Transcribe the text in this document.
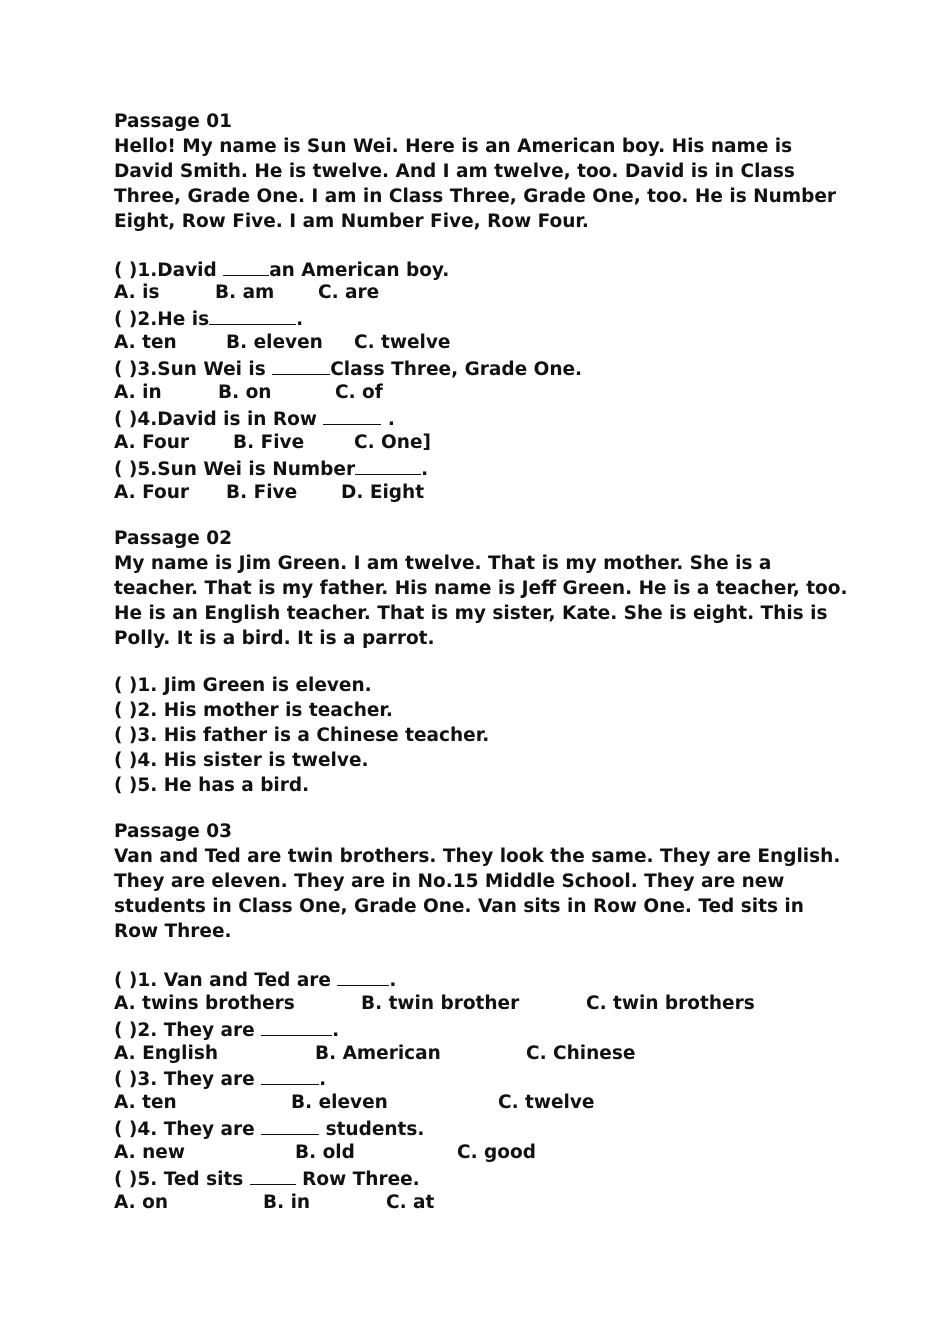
Passage 01
Hello! My name is Sun Wei. Here is an American boy. His name is David Smith. He is twelve. And I am twelve, too. David is in Class Three, Grade One. I am in Class Three, Grade One, too. He is Number Eight, Row Five. I am Number Five, Row Four.
( )1.David an American boy.
A. is	B. am C. are
( )2.He is	.
A. ten	B. eleven C. twelve
( )3.Sun Wei is	Class Three, Grade One.
A. in	B. on	C. of
( )4.David is in Row	.
A. Four B. Five	C. One]
( )5.Sun Wei is Number	.
A. Four B. Five D. Eight
Passage 02
My name is Jim Green. I am twelve. That is my mother. She is a teacher. That is my father. His name is Jeff Green. He is a teacher, too. He is an English teacher. That is my sister, Kate. She is eight. This is Polly. It is a bird. It is a parrot.
( )1. Jim Green is eleven.
( )2. His mother is teacher.
( )3. His father is a Chinese teacher.
( )4. His sister is twelve.
( )5. He has a bird.
Passage 03
Van and Ted are twin brothers. They look the same. They are English. They are eleven. They are in No.15 Middle School. They are new students in Class One, Grade One. Van sits in Row One. Ted sits in Row Three.
( )1. Van and Ted are	.
A. twins brothers	B. twin brother	C. twin brothers
( )2. They are	.
A. English	B. American	C. Chinese
( )3. They are	.
A. ten	B. eleven	C. twelve
( )4. They are	students.
A. new	B. old	C. good
( )5. Ted sits  Row Three.
A. on	B. in	C. at
